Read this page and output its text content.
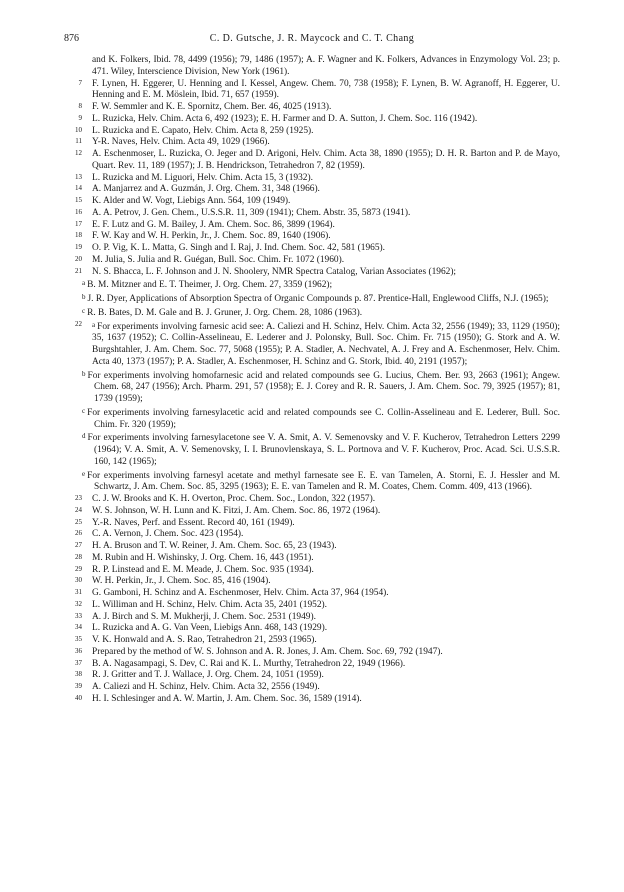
876	C. D. Gutsche, J. R. Maycock and C. T. Chang
and K. Folkers, Ibid. 78, 4499 (1956); 79, 1486 (1957); A. F. Wagner and K. Folkers, Advances in Enzymology Vol. 23; p. 471. Wiley, Interscience Division, New York (1961).
7 F. Lynen, H. Eggerer, U. Henning and I. Kessel, Angew. Chem. 70, 738 (1958); F. Lynen, B. W. Agranoff, H. Eggerer, U. Henning and E. M. Möslein, Ibid. 71, 657 (1959).
8 F. W. Semmler and K. E. Spornitz, Chem. Ber. 46, 4025 (1913).
9 L. Ruzicka, Helv. Chim. Acta 6, 492 (1923); E. H. Farmer and D. A. Sutton, J. Chem. Soc. 116 (1942).
10 L. Ruzicka and E. Capato, Helv. Chim. Acta 8, 259 (1925).
11 Y-R. Naves, Helv. Chim. Acta 49, 1029 (1966).
12 A. Eschenmoser, L. Ruzicka, O. Jeger and D. Arigoni, Helv. Chim. Acta 38, 1890 (1955); D. H. R. Barton and P. de Mayo, Quart. Rev. 11, 189 (1957); J. B. Hendrickson, Tetrahedron 7, 82 (1959).
13 L. Ruzicka and M. Liguori, Helv. Chim. Acta 15, 3 (1932).
14 A. Manjarrez and A. Guzmán, J. Org. Chem. 31, 348 (1966).
15 K. Alder and W. Vogt, Liebigs Ann. 564, 109 (1949).
16 A. A. Petrov, J. Gen. Chem., U.S.S.R. 11, 309 (1941); Chem. Abstr. 35, 5873 (1941).
17 E. F. Lutz and G. M. Bailey, J. Am. Chem. Soc. 86, 3899 (1964).
18 F. W. Kay and W. H. Perkin, Jr., J. Chem. Soc. 89, 1640 (1906).
19 O. P. Vig, K. L. Matta, G. Singh and I. Raj, J. Ind. Chem. Soc. 42, 581 (1965).
20 M. Julia, S. Julia and R. Guégan, Bull. Soc. Chim. Fr. 1072 (1960).
21 N. S. Bhacca, L. F. Johnson and J. N. Shoolery, NMR Spectra Catalog, Varian Associates (1962);
$^a$ B. M. Mitzner and E. T. Theimer, J. Org. Chem. 27, 3359 (1962);
$^b$ J. R. Dyer, Applications of Absorption Spectra of Organic Compounds p. 87. Prentice-Hall, Englewood Cliffs, N.J. (1965);
$^c$ R. B. Bates, D. M. Gale and B. J. Gruner, J. Org. Chem. 28, 1086 (1963).
22 $^a$ For experiments involving farnesic acid see: A. Caliezi and H. Schinz, Helv. Chim. Acta 32, 2556 (1949); 33, 1129 (1950); 35, 1637 (1952); C. Collin-Asselineau, E. Lederer and J. Polonsky, Bull. Soc. Chim. Fr. 715 (1950); G. Stork and A. W. Burgshtahler, J. Am. Chem. Soc. 77, 5068 (1955); P. A. Stadler, A. Nechvatel, A. J. Frey and A. Eschenmoser, Helv. Chim. Acta 40, 1373 (1957); P. A. Stadler, A. Eschenmoser, H. Schinz and G. Stork, Ibid. 40, 2191 (1957);
$^b$ For experiments involving homofarnesic acid and related compounds see G. Lucius, Chem. Ber. 93, 2663 (1961); Angew. Chem. 68, 247 (1956); Arch. Pharm. 291, 57 (1958); E. J. Corey and R. R. Sauers, J. Am. Chem. Soc. 79, 3925 (1957); 81, 1739 (1959);
$^c$ For experiments involving farnesylacetic acid and related compounds see C. Collin-Asselineau and E. Lederer, Bull. Soc. Chim. Fr. 320 (1959);
$^d$ For experiments involving farnesylacetone see V. A. Smit, A. V. Semenovsky and V. F. Kucherov, Tetrahedron Letters 2299 (1964); V. A. Smit, A. V. Semenovsky, I. I. Brunovlenskaya, S. L. Portnova and V. F. Kucherov, Proc. Acad. Sci. U.S.S.R. 160, 142 (1965);
$^e$ For experiments involving farnesyl acetate and methyl farnesate see E. E. van Tamelen, A. Storni, E. J. Hessler and M. Schwartz, J. Am. Chem. Soc. 85, 3295 (1963); E. E. van Tamelen and R. M. Coates, Chem. Comm. 409, 413 (1966).
23 C. J. W. Brooks and K. H. Overton, Proc. Chem. Soc., London, 322 (1957).
24 W. S. Johnson, W. H. Lunn and K. Fitzi, J. Am. Chem. Soc. 86, 1972 (1964).
25 Y.-R. Naves, Perf. and Essent. Record 40, 161 (1949).
26 C. A. Vernon, J. Chem. Soc. 423 (1954).
27 H. A. Bruson and T. W. Reiner, J. Am. Chem. Soc. 65, 23 (1943).
28 M. Rubin and H. Wishinsky, J. Org. Chem. 16, 443 (1951).
29 R. P. Linstead and E. M. Meade, J. Chem. Soc. 935 (1934).
30 W. H. Perkin, Jr., J. Chem. Soc. 85, 416 (1904).
31 G. Gamboni, H. Schinz and A. Eschenmoser, Helv. Chim. Acta 37, 964 (1954).
32 L. Williman and H. Schinz, Helv. Chim. Acta 35, 2401 (1952).
33 A. J. Birch and S. M. Mukherji, J. Chem. Soc. 2531 (1949).
34 L. Ruzicka and A. G. Van Veen, Liebigs Ann. 468, 143 (1929).
35 V. K. Honwald and A. S. Rao, Tetrahedron 21, 2593 (1965).
36 Prepared by the method of W. S. Johnson and A. R. Jones, J. Am. Chem. Soc. 69, 792 (1947).
37 B. A. Nagasampagi, S. Dev, C. Rai and K. L. Murthy, Tetrahedron 22, 1949 (1966).
38 R. J. Gritter and T. J. Wallace, J. Org. Chem. 24, 1051 (1959).
39 A. Caliezi and H. Schinz, Helv. Chim. Acta 32, 2556 (1949).
40 H. I. Schlesinger and A. W. Martin, J. Am. Chem. Soc. 36, 1589 (1914).
